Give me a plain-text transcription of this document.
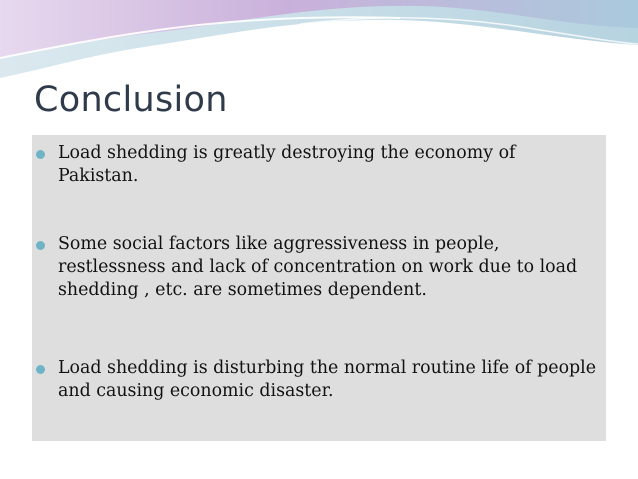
Conclusion
Load shedding is greatly destroying the economy of Pakistan.
Some social factors like aggressiveness in people, restlessness and lack of concentration on work due to load shedding , etc. are sometimes dependent.
Load shedding is disturbing the normal routine life of people and causing economic disaster.
